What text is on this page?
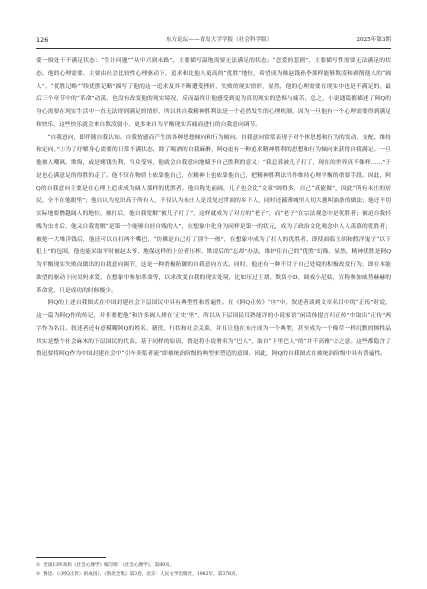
126	东方论坛——青岛大学学报（社会科学版）	2025年第3期

要一般处于不满足状态：“生计问题”“从中兴到末路”，主要描写温饱需要无法满足的状态；“恋爱的悲剧”，主要描写性需要无法满足的状态。他的心理需要，主要由社会比较性心理驱动下，追求和比他人更高的“优胜”地位，希望成为像赵钱孙李那样能够欺凌和剥削他人的“阔人”。“优胜记略”“续优胜记略”描写了他的这一追求及其不断遭受挫折，失败的现实情形，显然，他的心理需要在现实中也是不满足的。最后三个章节中的“革命”动荡，也没有改变他的现实境况，反而最终让他感受到更为真切现实的恐惧与痛苦。总之，小说通篇都描述了阿Q的身心需要在现实生活中一直无法得到满足的情形，所以其自我精神胜利法是一个必然发生的心理机制。因为一旦他有一个心理需要得到满足和快乐，这些快乐就会来自欺凌弱小，更多来自为平衡现实苦痛而进行的自我意向调节。

“自我意向，即伴随自我认知、自我情感而产生的各种思想倾向和行为倾向。自我意向常常表现于对个体思想和行为的发动、支配、维持和定向。”①为了纾解身心需要的日常不满状态，除了喝酒的自我麻醉，阿Q更有一种追求精神胜利的思想和行为倾向来获得自我满足。一旦他被人嘲讽、欺侮，或是赌钱失利、当众受辱，他就会自我意向地赋予自己胜利的意义：“我总算被儿子打了，现在的世界真不像样……”于是也心满意足的得胜的走了。他不仅在物质上依靠他自己，在精神上也依靠他自己，把精神胜利法当作维持心理平衡的重要手段。因此，阿Q的自我意向主要是在心理上追求成为阔人那样的优胜者。他自称先前阔，儿子也会比“文童”阔得多，自己“真能做”，因此“所有未庄的居民，全不在他眼里”；他自认为见识高于所有人，不仅认为未庄人是没见过世面的乡下人，同时还鄙薄城里人切大葱叫油条的做法；他还不切实际地要僭越阔人的地位。被打后，他自我宽解“被儿子打了”，这样就成为了对方的“老子”，而“老子”在宗法观念中是优胜者；被迫自我轻贱为虫豸后，他又自我宽解“是第一个能够自轻自贱的人”，在想象中化身为同样是第一的状元，成为了政治文化观念中人人羡慕的优胜者；被抢一大堆洋钱后，他还可以自打两个嘴巴，“仿佛是自己打了别个一般”，在想象中成为了打人的优胜者。即使面临王胡和假洋鬼子“以下犯上”的包围，他也能采取平时被赵太爷、地保这样的上位者压榨、欺凌后的“忘却”办法，维护住自己的“优胜”幻像。显然，精神优胜是阿Q为平衡现实失败而做出的自我意向调节，这是一种消极防御的自我意向方式。同时，他还有一种不甘于自己处境的积极改变行为，即在本能欲望的驱动下向吴妈求爱、在想象中参加革命等，以求改变自我的现实处境，比如压过王胡、欺负小D、调戏小尼姑，宣称参加威势赫赫的革命党，只是成功的时候极少。

阿Q的上述自我图式在中国封建社会下层国民中具有典型性和普遍性。在《阿Q正传》“序”中，叙述者谈到文章名目中的“正传”时说，这一篇为阿Q作的传记，并非要把他“和许多阔人排在‘正史’里”，所以从下层国民耳熟能详的小说家语“闲话休提言归正传”中取出“正传”两字作为名目。叙述者还有意模糊阿Q的姓名、籍贯、行状和社会关系，并且让他在未庄成为一个典型，甚至成为一个像草一样沉默的牺牲品其实是整个社会麻木的下层国民的代表。基于同样的原因，鲁迅将小说署名为“巴人”，取自“下里巴人”的“并不高雅”②之意。这些都隐含了鲁迅要将阿Q作为中国封建社会中“引车卖浆者流”即被统治阶级的典型来塑造的意图。因此，阿Q的自我图式在被统治阶级中具有普遍性。

① 全国13所高校《社会心理学》编写组：《社会心理学》，第89页。

② 鲁迅：《〈阿Q正传〉的成因》，《鲁迅全集》第3卷，北京：人民文学出版社，1982年，第378页。
